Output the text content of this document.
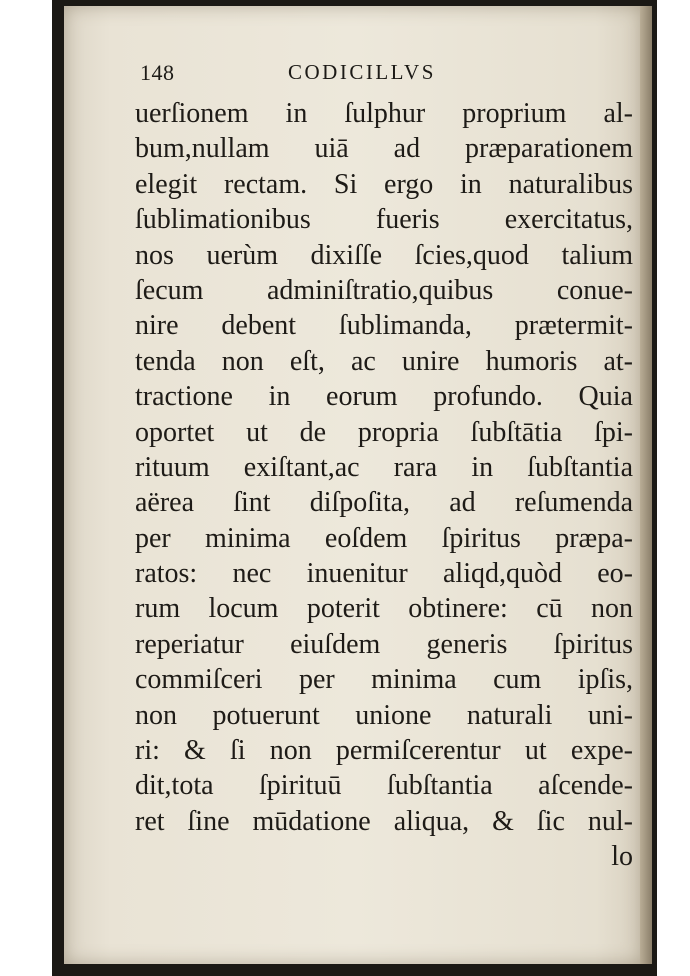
148	CODICILLVS
uerſionem in ſulphur proprium al-
bum,nullam uiā ad præparationem
elegit rectam. Si ergo in naturalibus
ſublimationibus fueris exercitatus,
nos uerùm dixiſſe ſcies,quod talium
ſecum adminiſtratio,quibus conue-
nire debent ſublimanda, prætermit-
tenda non eſt, ac unire humoris at-
tractione in eorum profundo. Quia
oportet ut de propria ſubſtātia ſpi-
rituum exiſtant,ac rara in ſubſtantia
aërea ſint diſpoſita, ad reſumenda
per minima eoſdem ſpiritus præpa-
ratos: nec inuenitur aliqd,quòd eo-
rum locum poterit obtinere: cū non
reperiatur eiuſdem generis ſpiritus
commiſceri per minima cum ipſis,
non potuerunt unione naturali uni-
ri: & ſi non permiſcerentur ut expe-
dit,tota ſpirituū ſubſtantia aſcende-
ret ſine mūdatione aliqua, & ſic nul-
lo
